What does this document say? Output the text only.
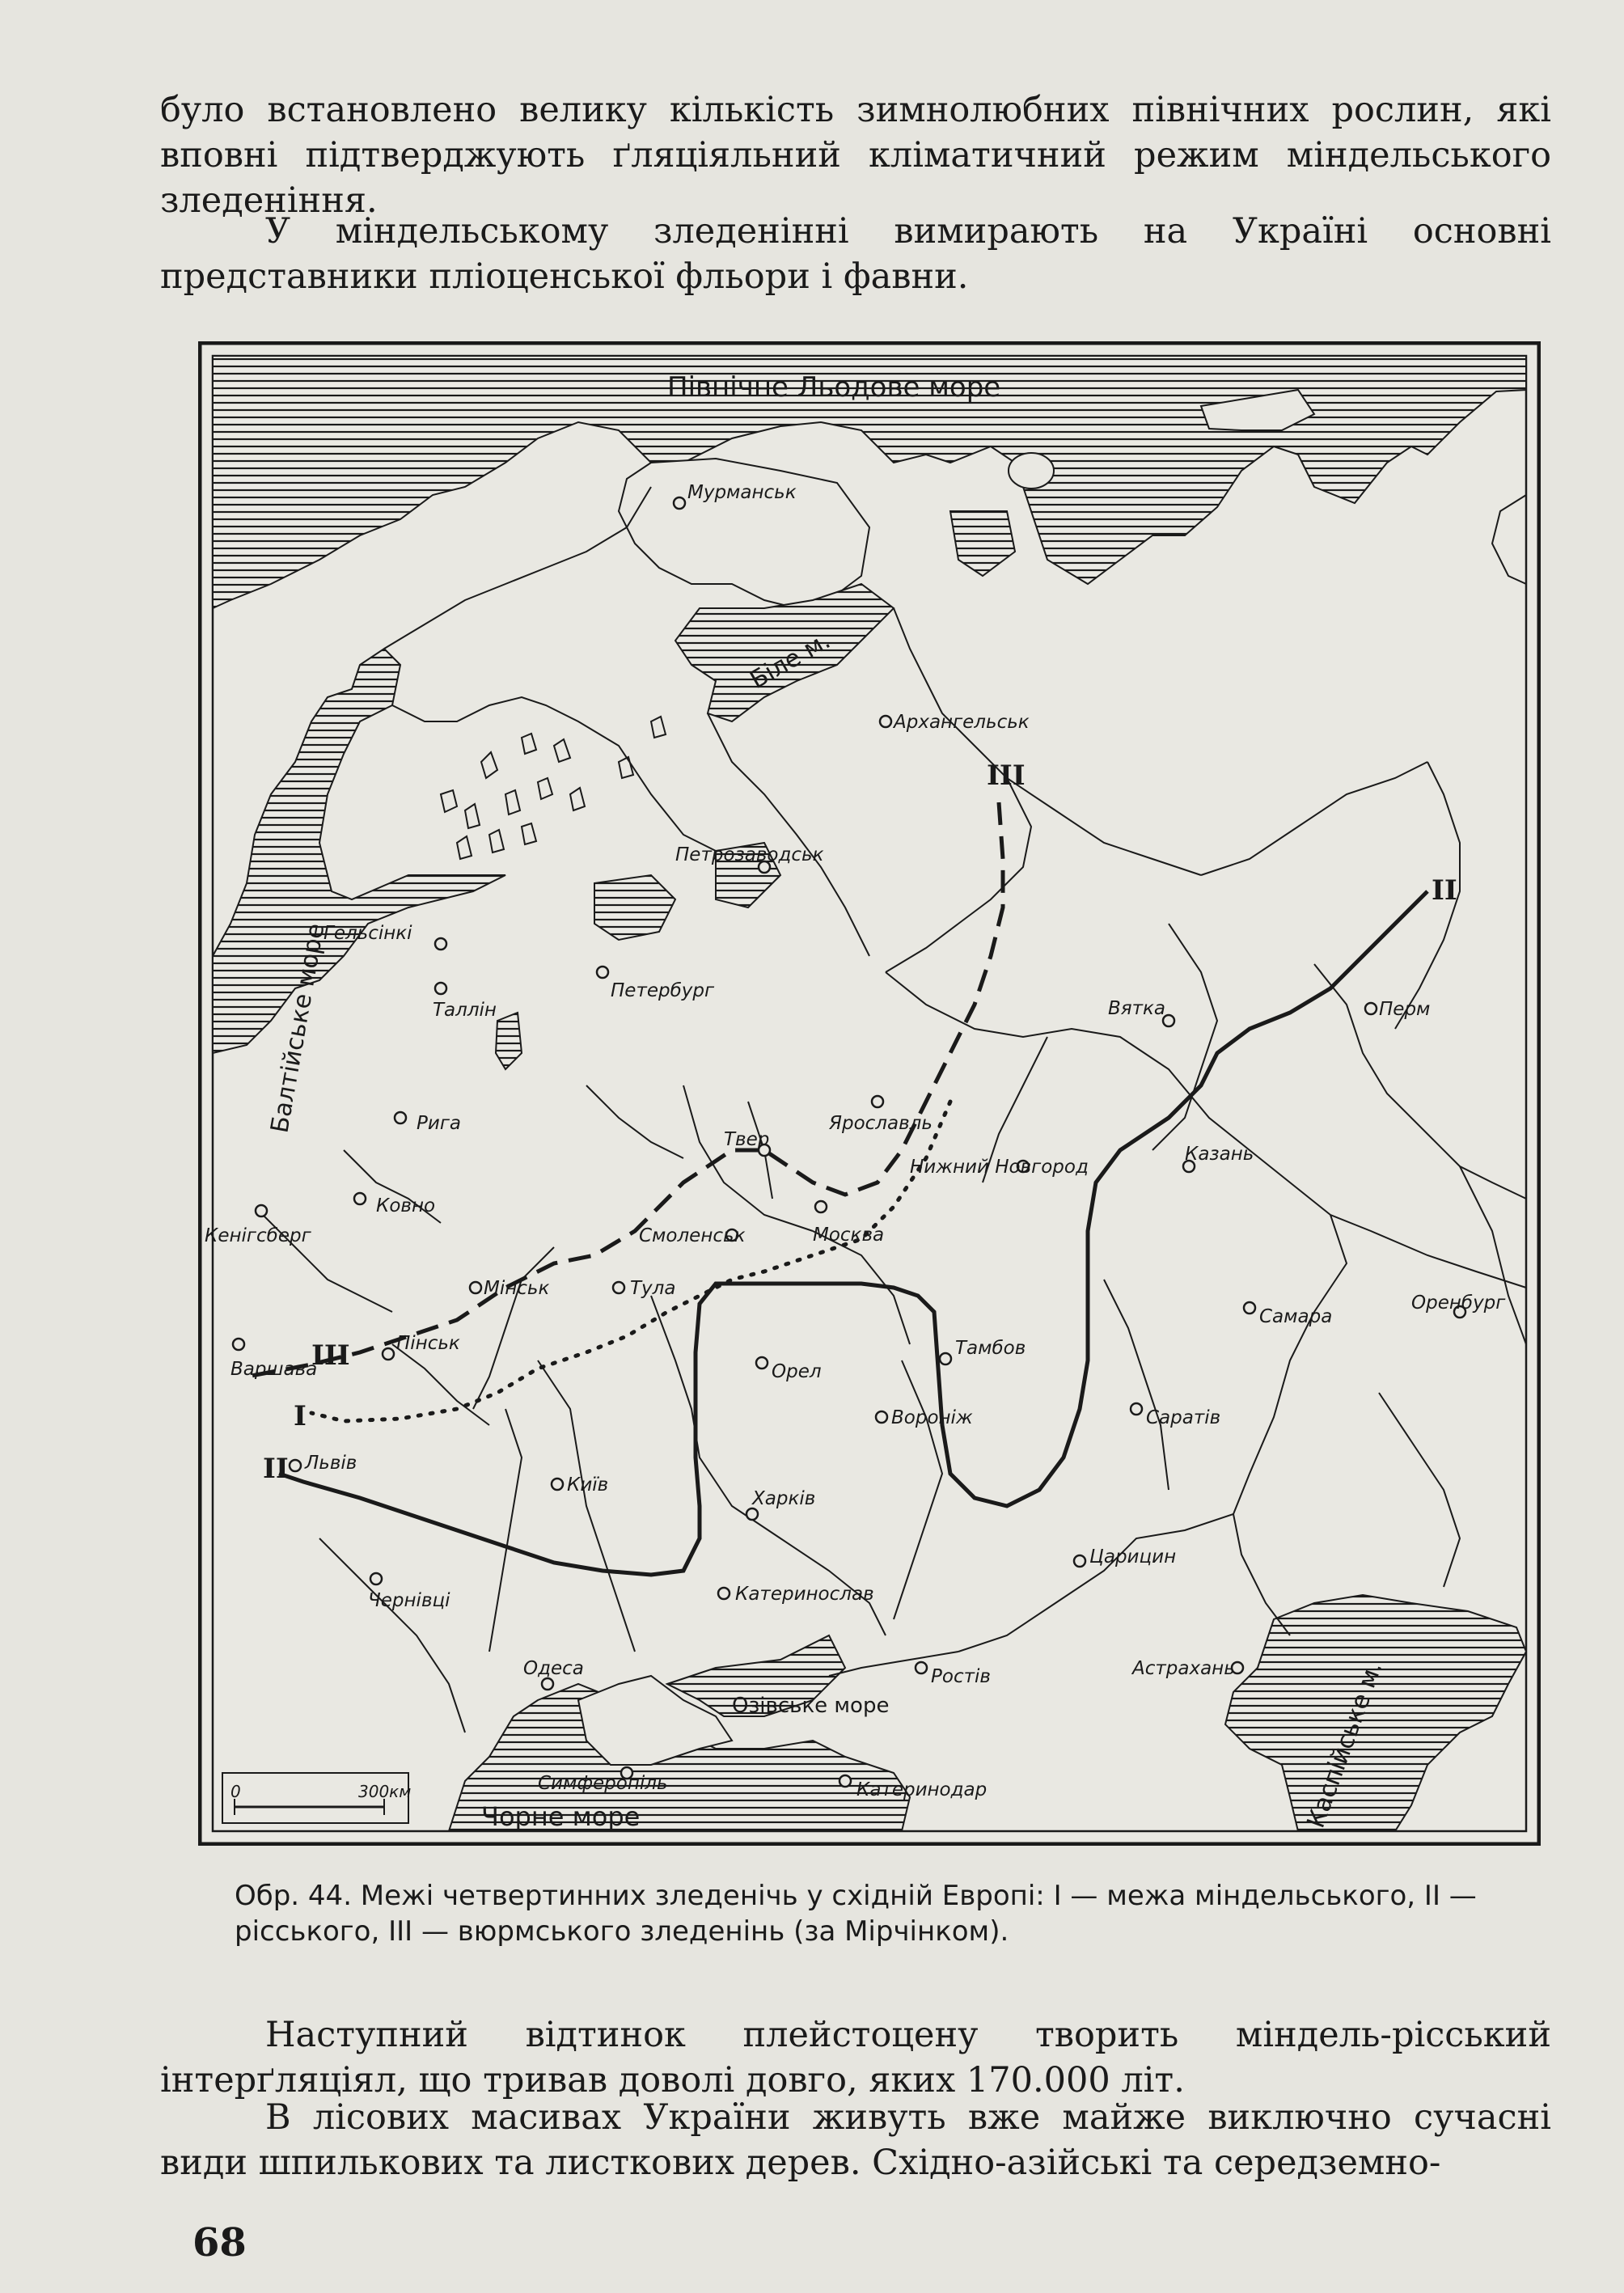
було встановлено велику кількість зимнолюбних північних рослин, які вповні підтверджують ґляціяльний кліматичний режим міндельського зледеніння.
У міндельському зледенінні вимирають на Україні основні представники пліоценської фльори і фавни.
III
III
II
II
I
Північне Льодове море
Біле м.
Балтійське море
Озівське море
Чорне море	Каспійське м.
Мурманськ
Архангельськ
Петрозаводськ
Гельсінкі
Таллін
Петербург
Вятка	Перм
Рига	Ярославль
Твер
Нижний Новгород
Казань
Ковно
Кенігсберг	Москва
Смоленськ
Мінськ	Тула
Самара
Оренбург
Тамбов
Варшава
Пінськ
Орел
Вороніж	Саратів
Львів
Київ
Харків
Царицин
Чернівці	Катеринослав
Одеса	Ростів	Астрахань
Симферопіль	Катеринодар
0	300км
Обр. 44. Межі четвертинних зледенічь у східній Европі: I — межа міндельського, II — рісського, III — вюрмського зледенінь (за Мірчінком).
Наступний відтинок плейстоцену творить міндель-рісський інтерґляціял, що тривав доволі довго, яких 170.000 літ.
В лісових масивах України живуть вже майже виключно сучасні види шпилькових та листкових дерев. Східно-азійські та середземно-
68
